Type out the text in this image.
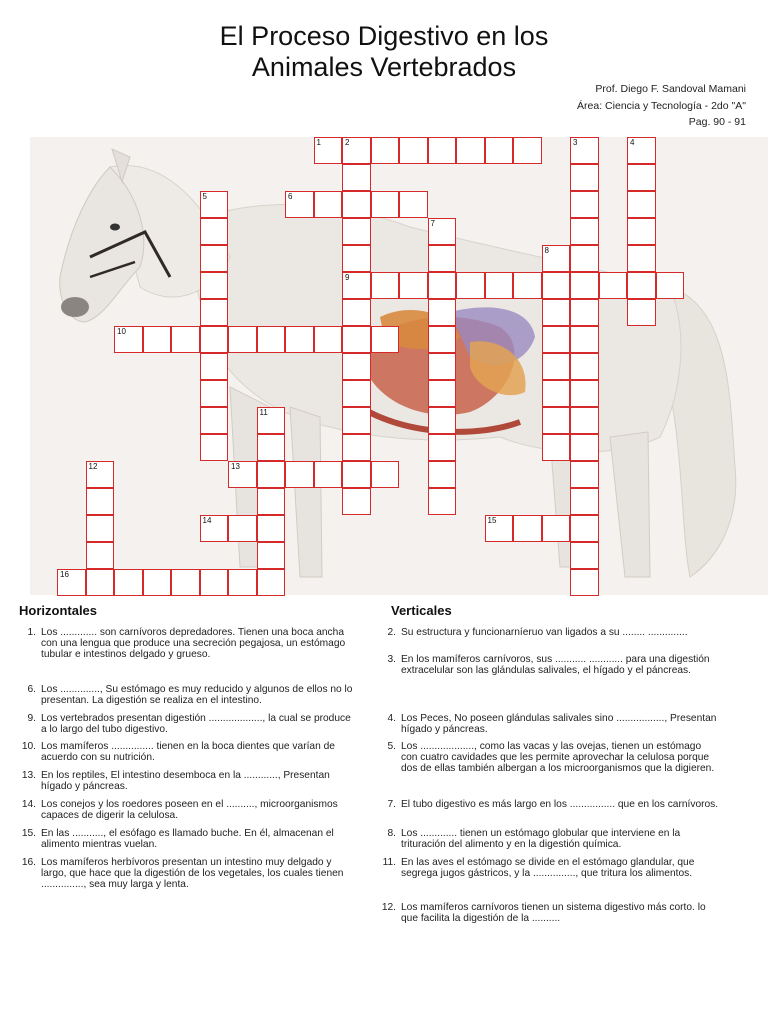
El Proceso Digestivo en los
Animales Vertebrados
Prof. Diego F. Sandoval Mamani
Área: Ciencia y Tecnología - 2do "A"
Pag. 90 - 91
1	2
9
3	4
5	6
7
8
10
11
12	13
14	15
16
Horizontales	Verticales
1. Los ............. son carnívoros depredadores. Tienen una boca ancha con una lengua que produce una secreción pegajosa, un estómago tubular e intestinos delgado y grueso.
6. Los .............., Su estómago es muy reducido y algunos de ellos no lo presentan. La digestión se realiza en el intestino.
9. Los vertebrados presentan digestión ..................., la cual se produce a lo largo del tubo digestivo.
10. Los mamíferos ............... tienen en la boca dientes que varían de acuerdo con su nutrición.
13. En los reptiles, El intestino desemboca en la ............, Presentan hígado y páncreas.
14. Los conejos y los roedores poseen en el .........., microorganismos capaces de digerir la celulosa.
15. En las ..........., el esófago es llamado buche. En él, almacenan el alimento mientras vuelan.
16. Los mamíferos herbívoros presentan un intestino muy delgado y largo, que hace que la digestión de los vegetales, los cuales tienen ..............., sea muy larga y lenta.
2. Su estructura y funcionarníeruo van ligados a su ........ ..............
3. En los mamíferos carnívoros, sus ........... ............ para una digestión extracelular son las glándulas salivales, el hígado y el páncreas.
4. Los Peces, No poseen glándulas salivales sino ................., Presentan hígado y páncreas.
5. Los ..................., como las vacas y las ovejas, tienen un estómago con cuatro cavidades que les permite aprovechar la celulosa porque dos de ellas también albergan a los microorganismos que la digieren.
7. El tubo digestivo es más largo en los ................ que en los carnívoros.
8. Los ............. tienen un estómago globular que interviene en la trituración del alimento y en la digestión química.
11. En las aves el estómago se divide en el estómago glandular, que segrega jugos gástricos, y la ..............., que tritura los alimentos.
12. Los mamíferos carnívoros tienen un sistema digestivo más corto. lo que facilita la digestión de la ..........
